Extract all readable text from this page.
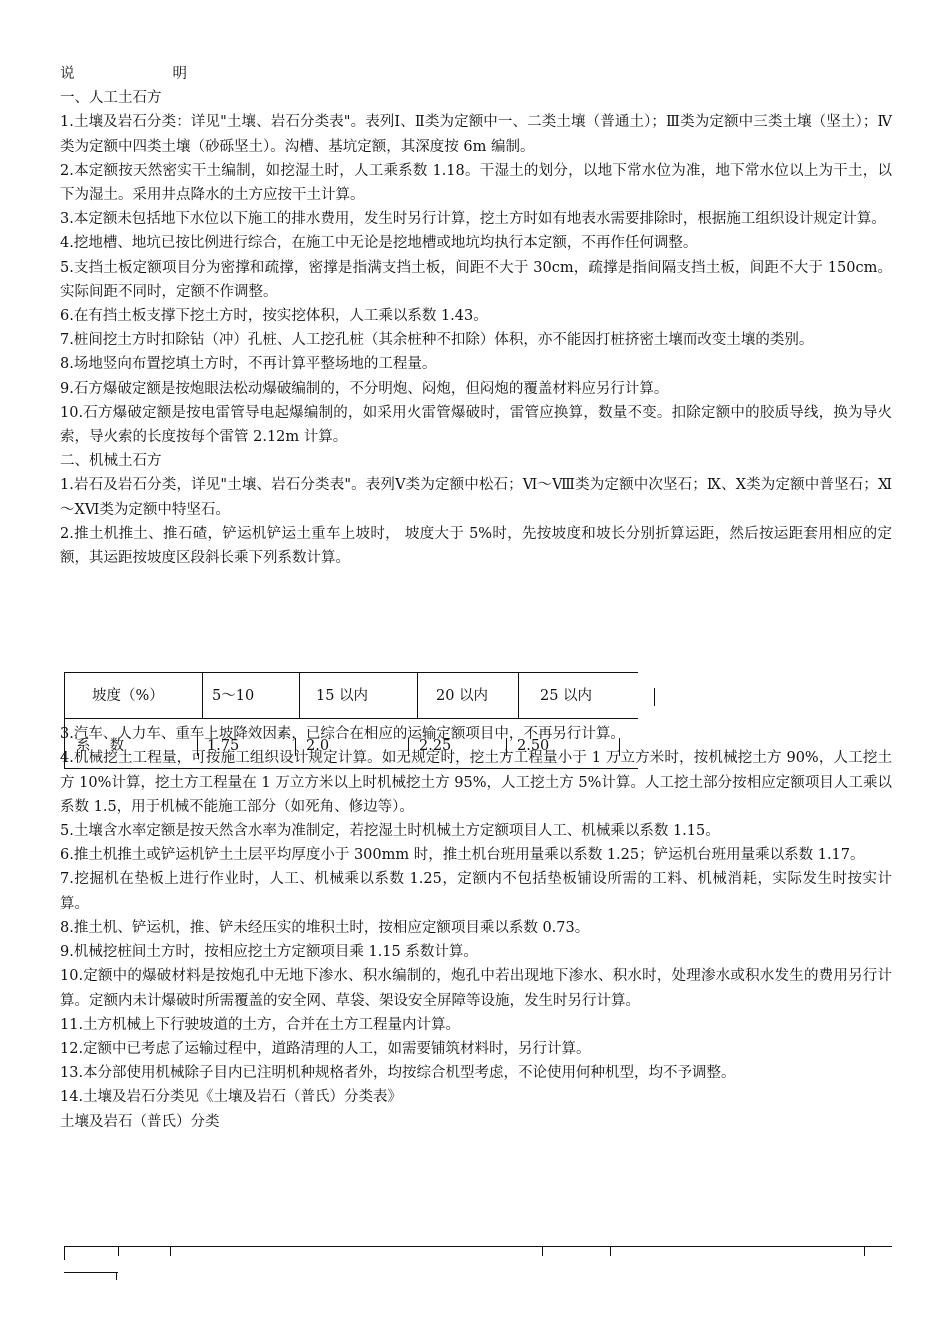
说	明
一、人工土石方
1.土壤及岩石分类：详见"土壤、岩石分类表"。表列Ⅰ、Ⅱ类为定额中一、二类土壤（普通土）；Ⅲ类为定额中三类土壤（坚土）；Ⅳ类为定额中四类土壤（砂砾坚土）。沟槽、基坑定额，其深度按 6m 编制。
2.本定额按天然密实干土编制，如挖湿土时，人工乘系数 1.18。干湿土的划分，以地下常水位为准，地下常水位以上为干土，以下为湿土。采用井点降水的土方应按干土计算。
3.本定额未包括地下水位以下施工的排水费用，发生时另行计算，挖土方时如有地表水需要排除时，根据施工组织设计规定计算。
4.挖地槽、地坑已按比例进行综合，在施工中无论是挖地槽或地坑均执行本定额，不再作任何调整。
5.支挡土板定额项目分为密撑和疏撑，密撑是指满支挡土板，间距不大于 30cm，疏撑是指间隔支挡土板，间距不大于 150cm。实际间距不同时，定额不作调整。
6.在有挡土板支撑下挖土方时，按实挖体积，人工乘以系数 1.43。
7.桩间挖土方时扣除钻（冲）孔桩、人工挖孔桩（其余桩种不扣除）体积，亦不能因打桩挤密土壤而改变土壤的类别。
8.场地竖向布置挖填土方时，不再计算平整场地的工程量。
9.石方爆破定额是按炮眼法松动爆破编制的，不分明炮、闷炮，但闷炮的覆盖材料应另行计算。
10.石方爆破定额是按电雷管导电起爆编制的，如采用火雷管爆破时，雷管应换算，数量不变。扣除定额中的胶质导线，换为导火索，导火索的长度按每个雷管 2.12m 计算。
二、机械土石方
1.岩石及岩石分类，详见"土壤、岩石分类表"。表列Ⅴ类为定额中松石；Ⅵ～Ⅷ类为定额中次坚石；Ⅸ、Ⅹ类为定额中普坚石；Ⅺ～ⅩⅥ类为定额中特坚石。
2.推土机推土、推石碴，铲运机铲运土重车上坡时， 坡度大于 5%时，先按坡度和坡长分别折算运距，然后按运距套用相应的定额，其运距按坡度区段斜长乘下列系数计算。
3.汽车、人力车、重车上坡降效因素，已综合在相应的运输定额项目中，不再另行计算。
4.机械挖土工程量，可按施工组织设计规定计算。如无规定时，挖土方工程量小于 1 万立方米时，按机械挖土方 90%，人工挖土方 10%计算，挖土方工程量在 1 万立方米以上时机械挖土方 95%，人工挖土方 5%计算。人工挖土部分按相应定额项目人工乘以系数 1.5，用于机械不能施工部分（如死角、修边等）。
5.土壤含水率定额是按天然含水率为准制定，若挖湿土时机械土方定额项目人工、机械乘以系数 1.15。
6.推土机推土或铲运机铲土土层平均厚度小于 300mm 时，推土机台班用量乘以系数 1.25；铲运机台班用量乘以系数 1.17。
7.挖掘机在垫板上进行作业时，人工、机械乘以系数 1.25，定额内不包括垫板铺设所需的工料、机械消耗，实际发生时按实计算。
8.推土机、铲运机，推、铲未经压实的堆积土时，按相应定额项目乘以系数 0.73。
9.机械挖桩间土方时，按相应挖土方定额项目乘 1.15 系数计算。
10.定额中的爆破材料是按炮孔中无地下渗水、积水编制的，炮孔中若出现地下渗水、积水时，处理渗水或积水发生的费用另行计算。定额内未计爆破时所需覆盖的安全网、草袋、架设安全屏障等设施，发生时另行计算。
11.土方机械上下行驶坡道的土方，合并在土方工程量内计算。
12.定额中已考虑了运输过程中，道路清理的人工，如需要铺筑材料时，另行计算。
13.本分部使用机械除子目内已注明机种规格者外，均按综合机型考虑，不论使用何种机型，均不予调整。
14.土壤及岩石分类见《土壤及岩石（普氏）分类表》
土壤及岩石（普氏）分类
坡度（%）	5～10	15 以内	20 以内	25 以内
系　 数	1.75	2.0	2.25	2.50
